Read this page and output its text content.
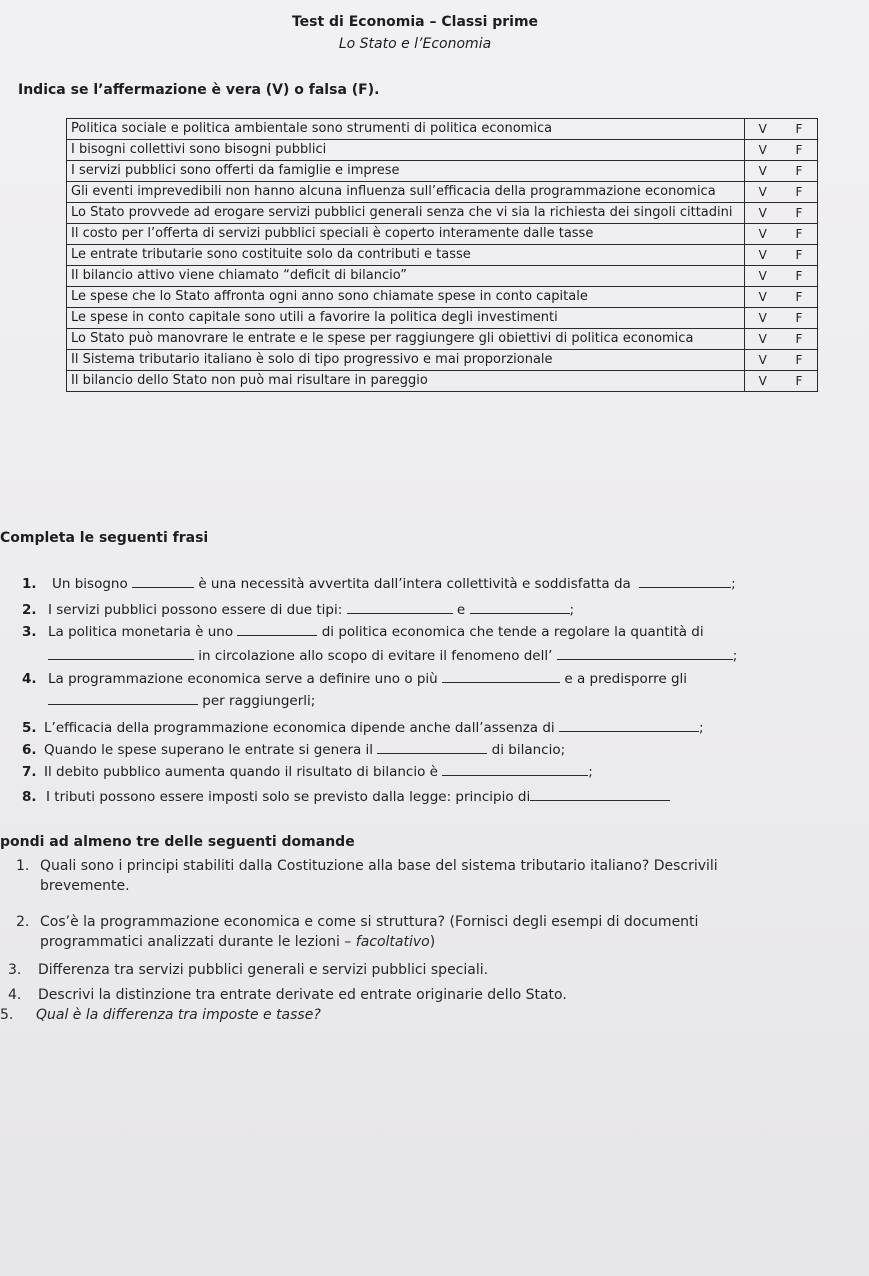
Test di Economia – Classi prime
Lo Stato e l’Economia
Indica se l’affermazione è vera (V) o falsa (F).
Politica sociale e politica ambientale sono strumenti di politica economica	V	F
I bisogni collettivi sono bisogni pubblici	V	F
I servizi pubblici sono offerti da famiglie e imprese	V	F
Gli eventi imprevedibili non hanno alcuna influenza sull’efficacia della programmazione economica	V	F
Lo Stato provvede ad erogare servizi pubblici generali senza che vi sia la richiesta dei singoli cittadini	V	F
Il costo per l’offerta di servizi pubblici speciali è coperto interamente dalle tasse	V	F
Le entrate tributarie sono costituite solo da contributi e tasse	V	F
Il bilancio attivo viene chiamato “deficit di bilancio”	V	F
Le spese che lo Stato affronta ogni anno sono chiamate spese in conto capitale	V	F
Le spese in conto capitale sono utili a favorire la politica degli investimenti	V	F
Lo Stato può manovrare le entrate e le spese per raggiungere gli obiettivi di politica economica	V	F
Il Sistema tributario italiano è solo di tipo progressivo e mai proporzionale	V	F
Il bilancio dello Stato non può mai risultare in pareggio	V	F
Completa le seguenti frasi
1. Un bisogno	è una necessità avvertita dall’intera collettività e soddisfatta da	;
2. I servizi pubblici possono essere di due tipi:	e	;
3. La politica monetaria è uno	di politica economica che tende a regolare la quantità di
in circolazione allo scopo di evitare il fenomeno dell’	;
4. La programmazione economica serve a definire uno o più	e a predisporre gli
per raggiungerli;
5. L’efficacia della programmazione economica dipende anche dall’assenza di	;
6. Quando le spese superano le entrate si genera il	di bilancio;
7. Il debito pubblico aumenta quando il risultato di bilancio è	;
8. I tributi possono essere imposti solo se previsto dalla legge: principio di
pondi ad almeno tre delle seguenti domande
1. Quali sono i principi stabiliti dalla Costituzione alla base del sistema tributario italiano? Descrivili
brevemente.
2. Cos’è la programmazione economica e come si struttura? (Fornisci degli esempi di documenti
programmatici analizzati durante le lezioni – facoltativo)
3. Differenza tra servizi pubblici generali e servizi pubblici speciali.
4. Descrivi la distinzione tra entrate derivate ed entrate originarie dello Stato.
5. Qual è la differenza tra imposte e tasse?
